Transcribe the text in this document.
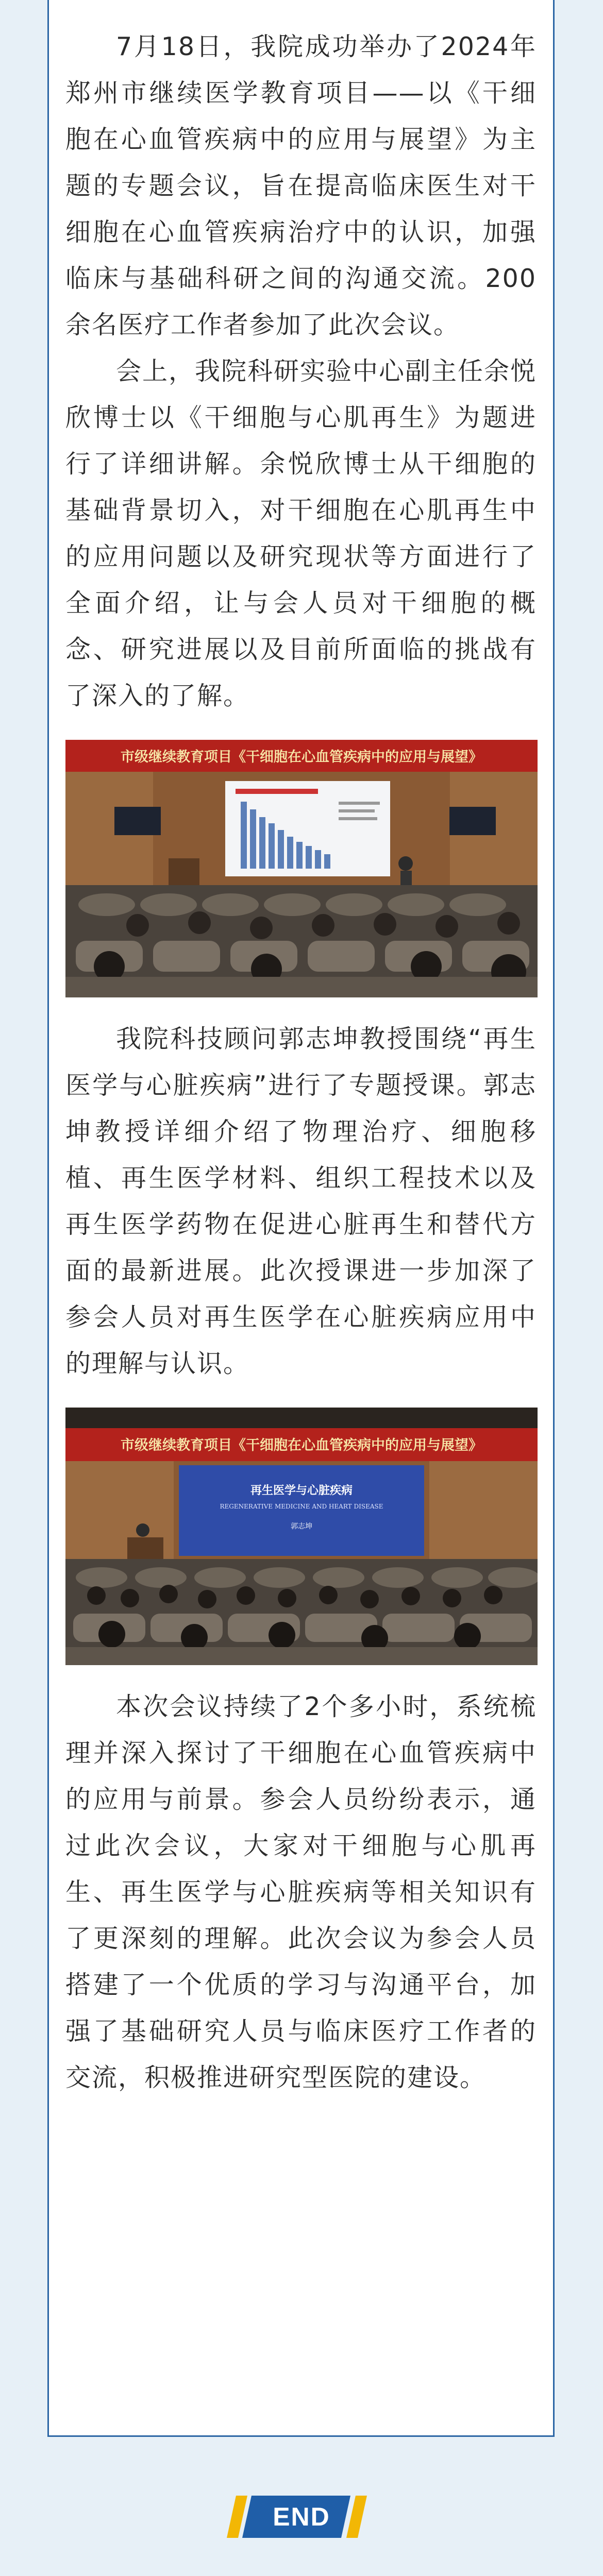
7月18日，我院成功举办了2024年郑州市继续医学教育项目——以《干细胞在心血管疾病中的应用与展望》为主题的专题会议，旨在提高临床医生对干细胞在心血管疾病治疗中的认识，加强临床与基础科研之间的沟通交流。200余名医疗工作者参加了此次会议。

会上，我院科研实验中心副主任余悦欣博士以《干细胞与心肌再生》为题进行了详细讲解。余悦欣博士从干细胞的基础背景切入，对干细胞在心肌再生中的应用问题以及研究现状等方面进行了全面介绍，让与会人员对干细胞的概念、研究进展以及目前所面临的挑战有了深入的了解。

市级继续教育项目《干细胞在心血管疾病中的应用与展望》

我院科技顾问郭志坤教授围绕“再生医学与心脏疾病”进行了专题授课。郭志坤教授详细介绍了物理治疗、细胞移植、再生医学材料、组织工程技术以及再生医学药物在促进心脏再生和替代方面的最新进展。此次授课进一步加深了参会人员对再生医学在心脏疾病应用中的理解与认识。

市级继续教育项目《干细胞在心血管疾病中的应用与展望》
再生医学与心脏疾病
REGENERATIVE MEDICINE AND HEART DISEASE
郭志坤

本次会议持续了2个多小时，系统梳理并深入探讨了干细胞在心血管疾病中的应用与前景。参会人员纷纷表示，通过此次会议，大家对干细胞与心肌再生、再生医学与心脏疾病等相关知识有了更深刻的理解。此次会议为参会人员搭建了一个优质的学习与沟通平台，加强了基础研究人员与临床医疗工作者的交流，积极推进研究型医院的建设。

END
